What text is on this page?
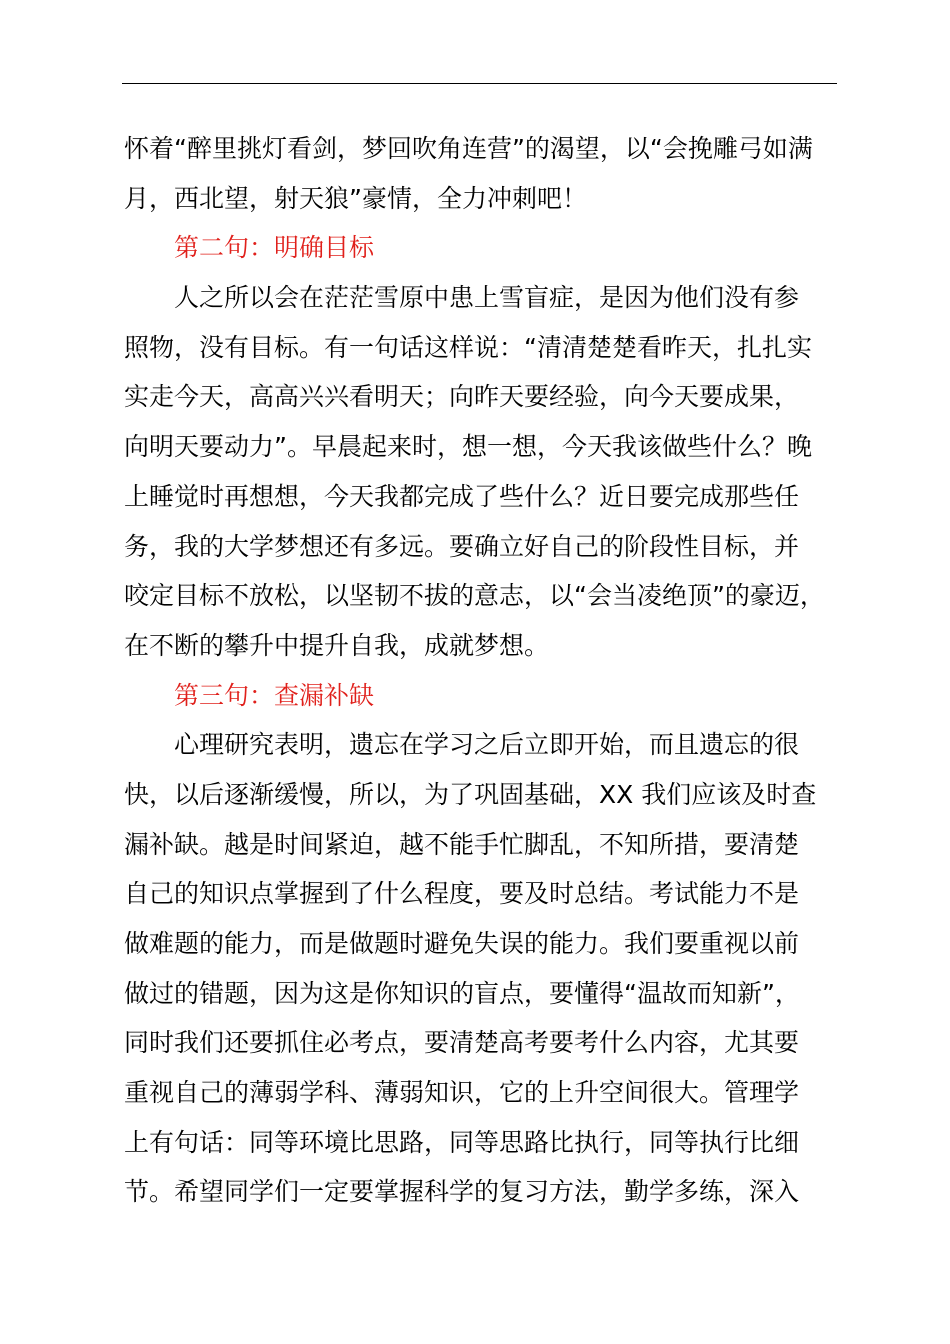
怀着“醉里挑灯看剑，梦回吹角连营”的渴望，以“会挽雕弓如满
月，西北望，射天狼”豪情，全力冲刺吧！
第二句：明确目标
人之所以会在茫茫雪原中患上雪盲症，是因为他们没有参
照物，没有目标。有一句话这样说：“清清楚楚看昨天，扎扎实
实走今天，高高兴兴看明天；向昨天要经验，向今天要成果，
向明天要动力”。早晨起来时，想一想，今天我该做些什么？晚
上睡觉时再想想，今天我都完成了些什么？近日要完成那些任
务，我的大学梦想还有多远。要确立好自己的阶段性目标，并
咬定目标不放松，以坚韧不拔的意志，以“会当凌绝顶”的豪迈，
在不断的攀升中提升自我，成就梦想。
第三句：查漏补缺
心理研究表明，遗忘在学习之后立即开始，而且遗忘的很
快，以后逐渐缓慢，所以，为了巩固基础，XX 我们应该及时查
漏补缺。越是时间紧迫，越不能手忙脚乱，不知所措，要清楚
自己的知识点掌握到了什么程度，要及时总结。考试能力不是
做难题的能力，而是做题时避免失误的能力。我们要重视以前
做过的错题，因为这是你知识的盲点，要懂得“温故而知新”，
同时我们还要抓住必考点，要清楚高考要考什么内容，尤其要
重视自己的薄弱学科、薄弱知识，它的上升空间很大。管理学
上有句话：同等环境比思路，同等思路比执行，同等执行比细
节。希望同学们一定要掌握科学的复习方法，勤学多练，深入
